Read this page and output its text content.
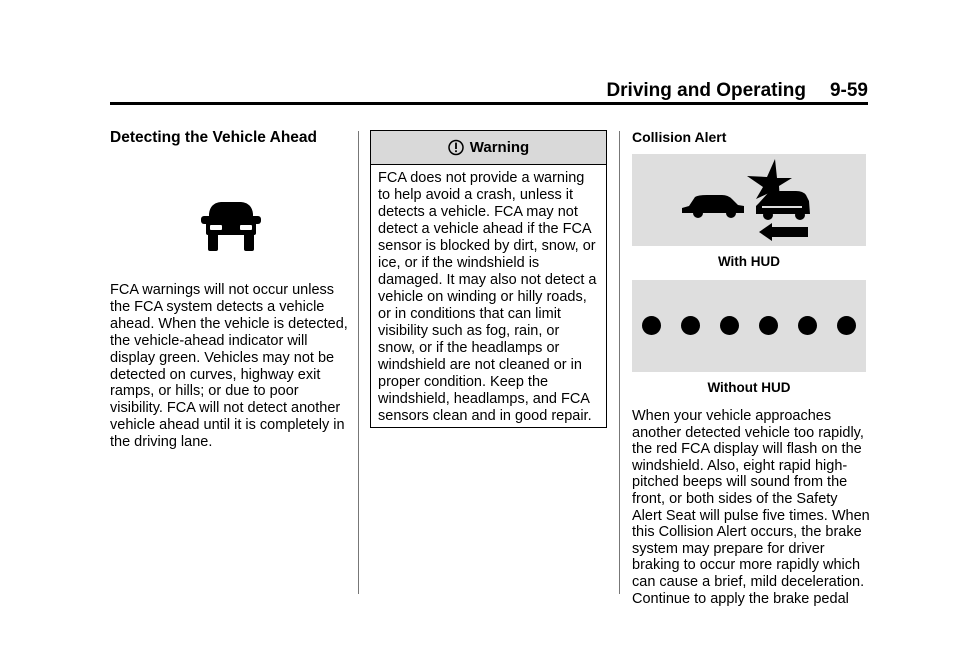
Driving and Operating 9-59
Detecting the Vehicle Ahead

FCA warnings will not occur unless the FCA system detects a vehicle ahead. When the vehicle is detected, the vehicle-ahead indicator will display green. Vehicles may not be detected on curves, highway exit ramps, or hills; or due to poor visibility. FCA will not detect another vehicle ahead until it is completely in the driving lane.

Warning

FCA does not provide a warning to help avoid a crash, unless it detects a vehicle. FCA may not detect a vehicle ahead if the FCA sensor is blocked by dirt, snow, or ice, or if the windshield is damaged. It may also not detect a vehicle on winding or hilly roads, or in conditions that can limit visibility such as fog, rain, or snow, or if the headlamps or windshield are not cleaned or in proper condition. Keep the windshield, headlamps, and FCA sensors clean and in good repair.

Collision Alert

With HUD

Without HUD

When your vehicle approaches another detected vehicle too rapidly, the red FCA display will flash on the windshield. Also, eight rapid high-pitched beeps will sound from the front, or both sides of the Safety Alert Seat will pulse five times. When this Collision Alert occurs, the brake system may prepare for driver braking to occur more rapidly which can cause a brief, mild deceleration. Continue to apply the brake pedal
